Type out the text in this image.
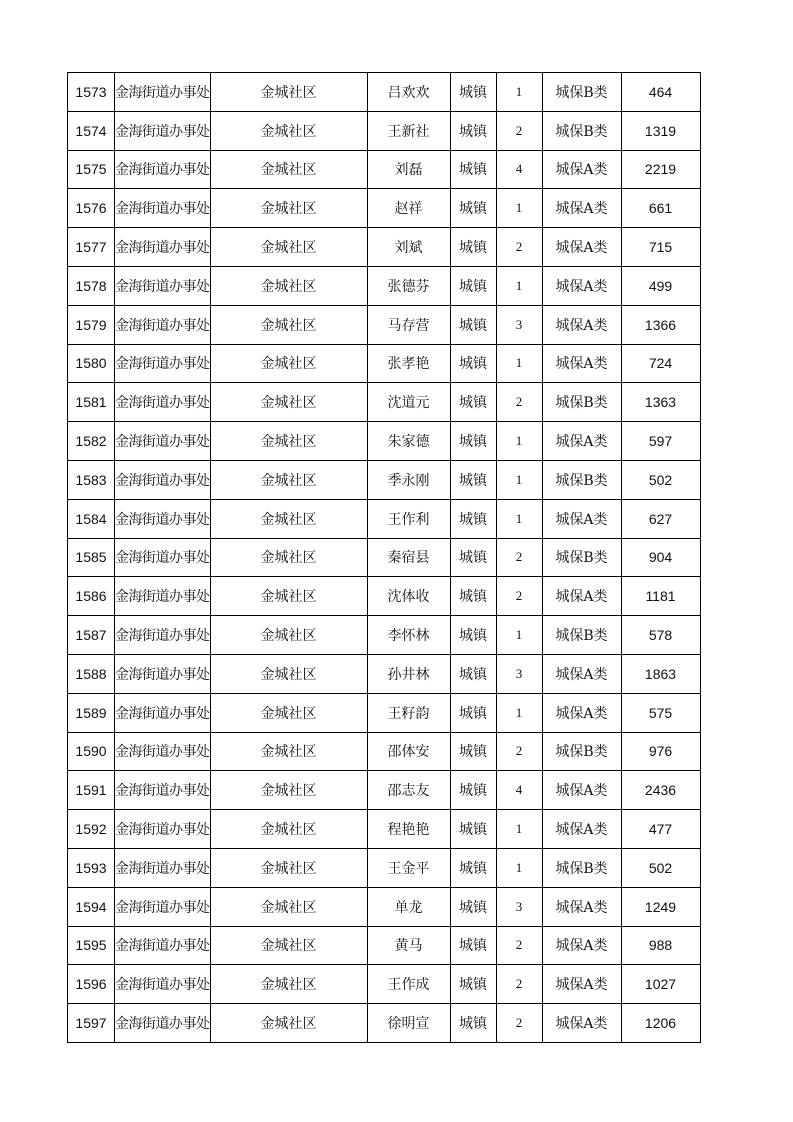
1573	金海街道办事处	金城社区	吕欢欢	城镇	1	城保B类	464
1574	金海街道办事处	金城社区	王新社	城镇	2	城保B类	1319
1575	金海街道办事处	金城社区	刘磊	城镇	4	城保A类	2219
1576	金海街道办事处	金城社区	赵祥	城镇	1	城保A类	661
1577	金海街道办事处	金城社区	刘斌	城镇	2	城保A类	715
1578	金海街道办事处	金城社区	张德芬	城镇	1	城保A类	499
1579	金海街道办事处	金城社区	马存营	城镇	3	城保A类	1366
1580	金海街道办事处	金城社区	张孝艳	城镇	1	城保A类	724
1581	金海街道办事处	金城社区	沈道元	城镇	2	城保B类	1363
1582	金海街道办事处	金城社区	朱家德	城镇	1	城保A类	597
1583	金海街道办事处	金城社区	季永刚	城镇	1	城保B类	502
1584	金海街道办事处	金城社区	王作利	城镇	1	城保A类	627
1585	金海街道办事处	金城社区	秦宿县	城镇	2	城保B类	904
1586	金海街道办事处	金城社区	沈体收	城镇	2	城保A类	1181
1587	金海街道办事处	金城社区	李怀林	城镇	1	城保B类	578
1588	金海街道办事处	金城社区	孙井林	城镇	3	城保A类	1863
1589	金海街道办事处	金城社区	王籽韵	城镇	1	城保A类	575
1590	金海街道办事处	金城社区	邵体安	城镇	2	城保B类	976
1591	金海街道办事处	金城社区	邵志友	城镇	4	城保A类	2436
1592	金海街道办事处	金城社区	程艳艳	城镇	1	城保A类	477
1593	金海街道办事处	金城社区	王金平	城镇	1	城保B类	502
1594	金海街道办事处	金城社区	单龙	城镇	3	城保A类	1249
1595	金海街道办事处	金城社区	黄马	城镇	2	城保A类	988
1596	金海街道办事处	金城社区	王作成	城镇	2	城保A类	1027
1597	金海街道办事处	金城社区	徐明宣	城镇	2	城保A类	1206
